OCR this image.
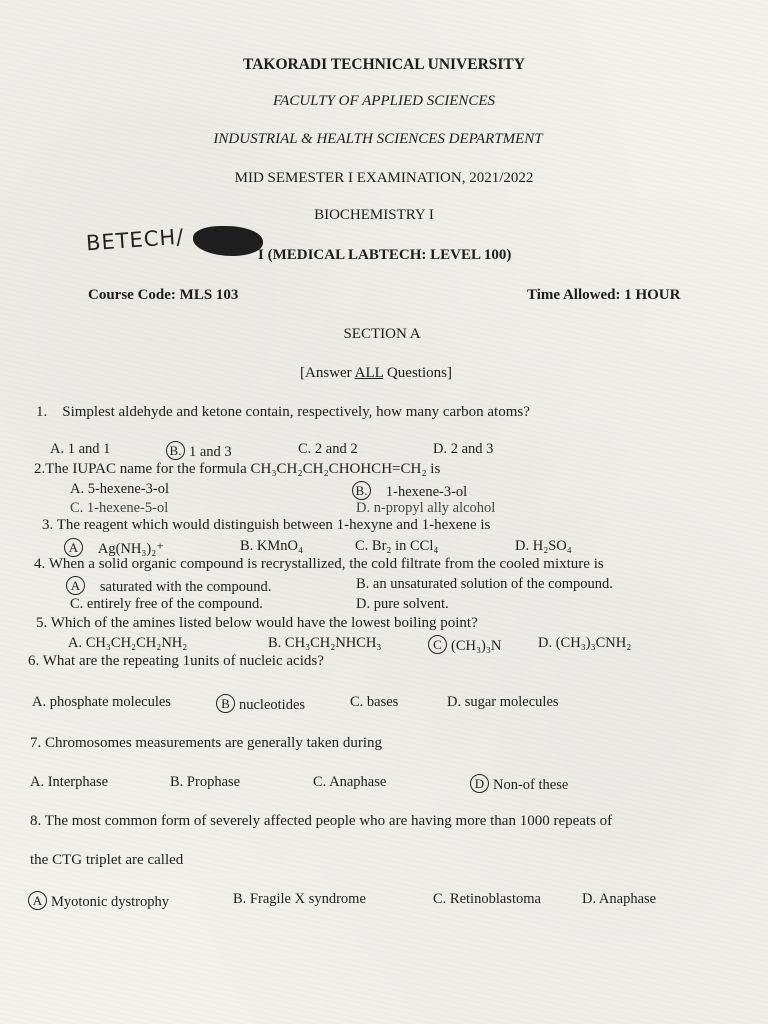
TAKORADI TECHNICAL UNIVERSITY
FACULTY OF APPLIED SCIENCES
INDUSTRIAL & HEALTH SCIENCES DEPARTMENT
MID SEMESTER I EXAMINATION, 2021/2022
BIOCHEMISTRY I
BETECH/	I (MEDICAL LABTECH: LEVEL 100)
Course Code: MLS 103	Time Allowed: 1 HOUR
SECTION A
[Answer ALL Questions]
1. Simplest aldehyde and ketone contain, respectively, how many carbon atoms?
A. 1 and 1	B. 1 and 3	C. 2 and 2	D. 2 and 3
2.The IUPAC name for the formula CH₃CH₂CH₂CHOHCH=CH₂ is
A. 5-hexene-3-ol	B. 1-hexene-3-ol
C. 1-hexene-5-ol	D. n-propyl ally alcohol
3. The reagent which would distinguish between 1-hexyne and 1-hexene is
A Ag(NH₃)₂⁺	B. KMnO₄	C. Br₂ in CCl₄	D. H₂SO₄
4. When a solid organic compound is recrystallized, the cold filtrate from the cooled mixture is
A saturated with the compound.	B. an unsaturated solution of the compound.
C. entirely free of the compound.	D. pure solvent.
5. Which of the amines listed below would have the lowest boiling point?
A. CH₃CH₂CH₂NH₂	B. CH₃CH₂NHCH₃	C (CH₃)₃N	D. (CH₃)₃CNH₂
6. What are the repeating 1units of nucleic acids?
A. phosphate molecules	B nucleotides	C. bases	D. sugar molecules
7. Chromosomes measurements are generally taken during
A. Interphase	B. Prophase	C. Anaphase	D Non-of these
8. The most common form of severely affected people who are having more than 1000 repeats of
the CTG triplet are called
A Myotonic dystrophy	B. Fragile X syndrome	C. Retinoblastoma	D. Anaphase
